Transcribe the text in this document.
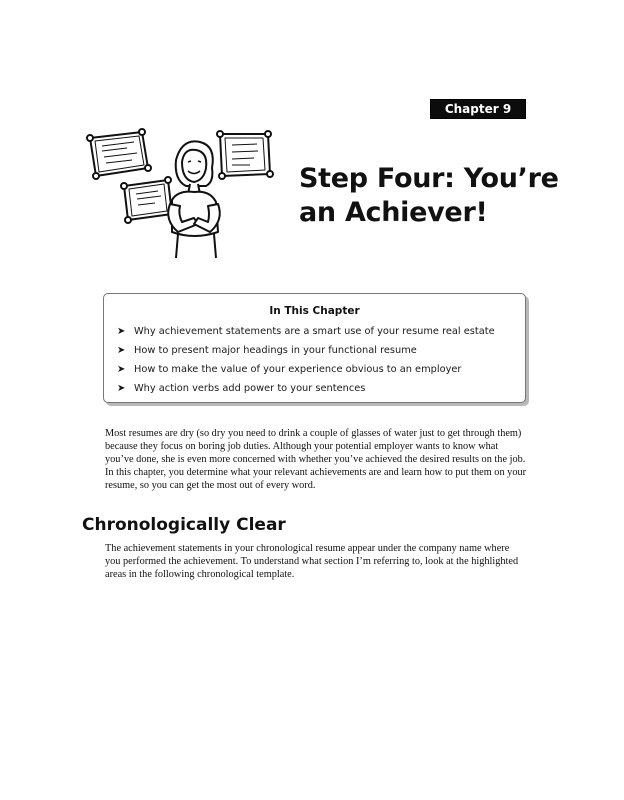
Chapter 9
Step Four: You’re
an Achiever!
In This Chapter
➤ Why achievement statements are a smart use of your resume real estate
➤ How to present major headings in your functional resume
➤ How to make the value of your experience obvious to an employer
➤ Why action verbs add power to your sentences

Most resumes are dry (so dry you need to drink a couple of glasses of water just to get through them) because they focus on boring job duties. Although your potential employer wants to know what you’ve done, she is even more concerned with whether you’ve achieved the desired results on the job. In this chapter, you determine what your relevant achievements are and learn how to put them on your resume, so you can get the most out of every word.

Chronologically Clear

The achievement statements in your chronological resume appear under the company name where you performed the achievement. To understand what section I’m referring to, look at the highlighted areas in the following chronological template.
